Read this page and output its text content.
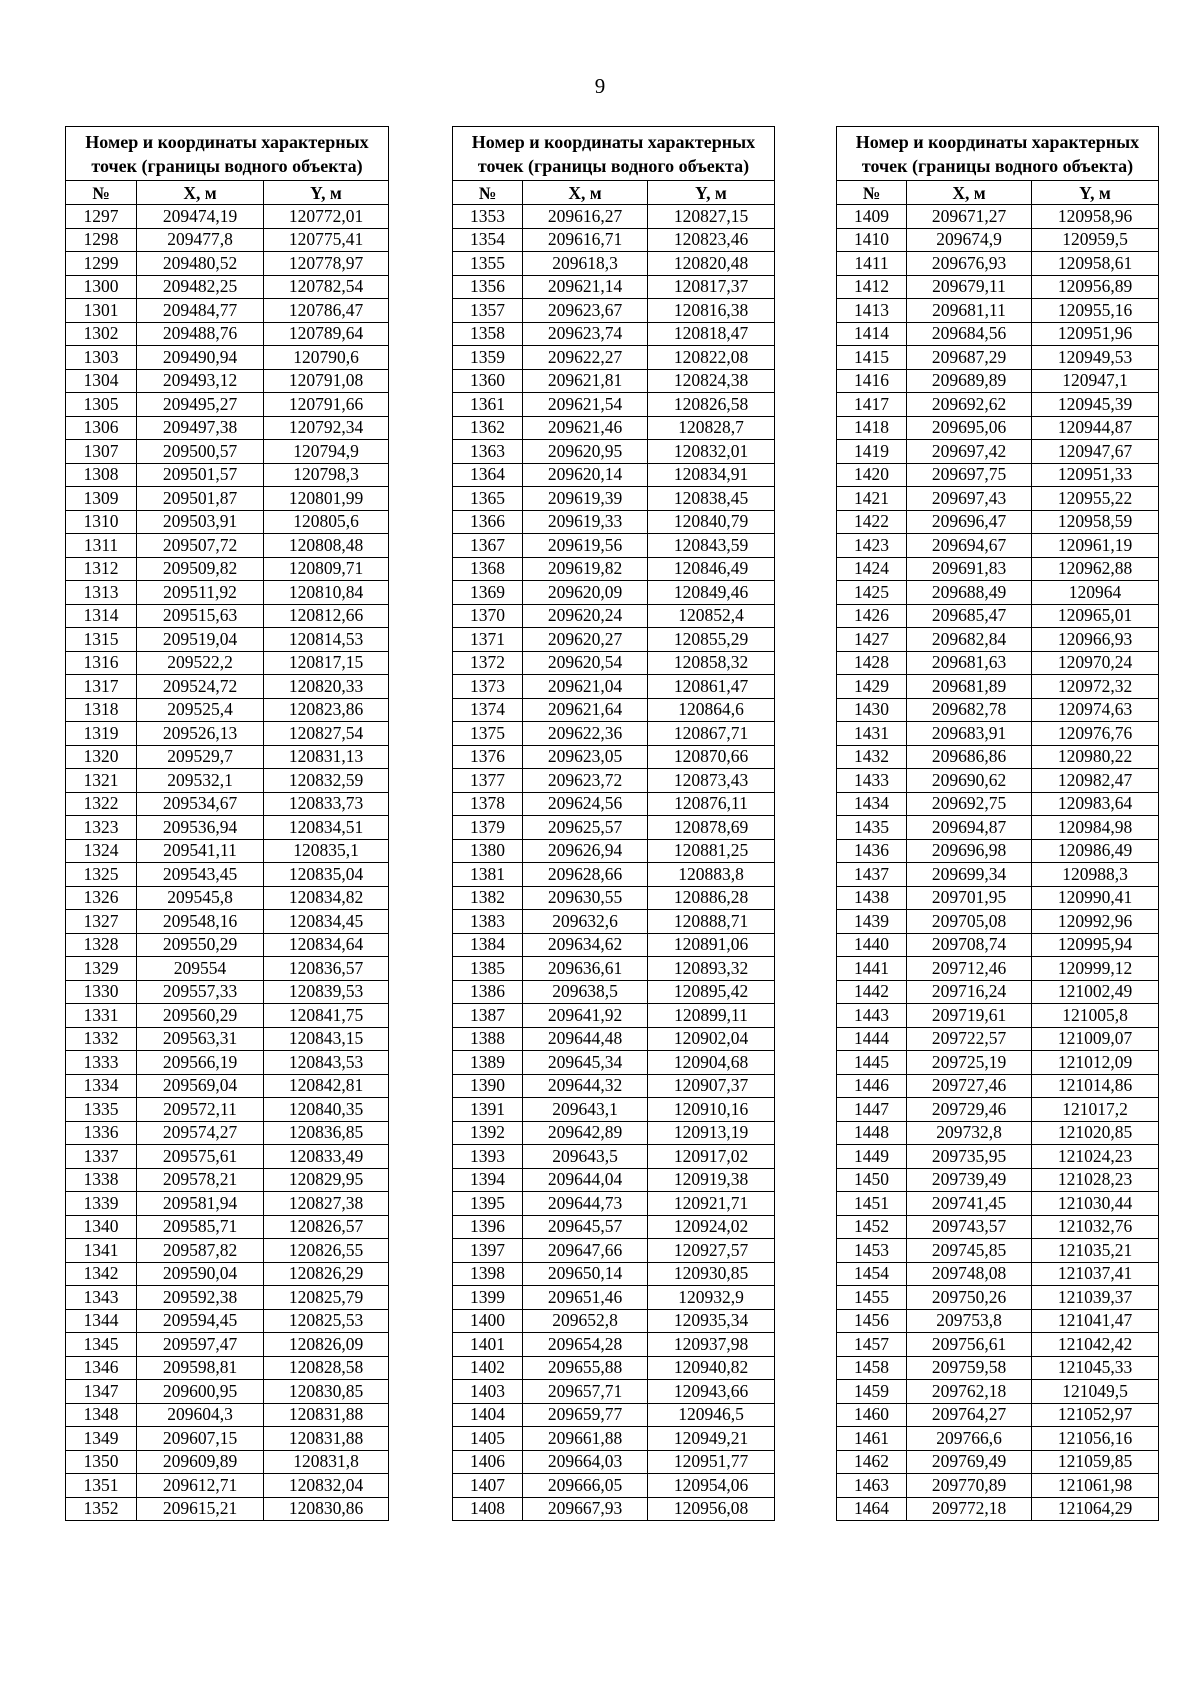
9
Номер и координаты характерных точек (границы водного объекта)		
№	X, м	Y, м
1297	209474,19	120772,01
1298	209477,8	120775,41
1299	209480,52	120778,97
1300	209482,25	120782,54
1301	209484,77	120786,47
1302	209488,76	120789,64
1303	209490,94	120790,6
1304	209493,12	120791,08
1305	209495,27	120791,66
1306	209497,38	120792,34
1307	209500,57	120794,9
1308	209501,57	120798,3
1309	209501,87	120801,99
1310	209503,91	120805,6
1311	209507,72	120808,48
1312	209509,82	120809,71
1313	209511,92	120810,84
1314	209515,63	120812,66
1315	209519,04	120814,53
1316	209522,2	120817,15
1317	209524,72	120820,33
1318	209525,4	120823,86
1319	209526,13	120827,54
1320	209529,7	120831,13
1321	209532,1	120832,59
1322	209534,67	120833,73
1323	209536,94	120834,51
1324	209541,11	120835,1
1325	209543,45	120835,04
1326	209545,8	120834,82
1327	209548,16	120834,45
1328	209550,29	120834,64
1329	209554	120836,57
1330	209557,33	120839,53
1331	209560,29	120841,75
1332	209563,31	120843,15
1333	209566,19	120843,53
1334	209569,04	120842,81
1335	209572,11	120840,35
1336	209574,27	120836,85
1337	209575,61	120833,49
1338	209578,21	120829,95
1339	209581,94	120827,38
1340	209585,71	120826,57
1341	209587,82	120826,55
1342	209590,04	120826,29
1343	209592,38	120825,79
1344	209594,45	120825,53
1345	209597,47	120826,09
1346	209598,81	120828,58
1347	209600,95	120830,85
1348	209604,3	120831,88
1349	209607,15	120831,88
1350	209609,89	120831,8
1351	209612,71	120832,04
1352	209615,21	120830,86
Номер и координаты характерных точек (границы водного объекта)		
№	X, м	Y, м
1353	209616,27	120827,15
1354	209616,71	120823,46
1355	209618,3	120820,48
1356	209621,14	120817,37
1357	209623,67	120816,38
1358	209623,74	120818,47
1359	209622,27	120822,08
1360	209621,81	120824,38
1361	209621,54	120826,58
1362	209621,46	120828,7
1363	209620,95	120832,01
1364	209620,14	120834,91
1365	209619,39	120838,45
1366	209619,33	120840,79
1367	209619,56	120843,59
1368	209619,82	120846,49
1369	209620,09	120849,46
1370	209620,24	120852,4
1371	209620,27	120855,29
1372	209620,54	120858,32
1373	209621,04	120861,47
1374	209621,64	120864,6
1375	209622,36	120867,71
1376	209623,05	120870,66
1377	209623,72	120873,43
1378	209624,56	120876,11
1379	209625,57	120878,69
1380	209626,94	120881,25
1381	209628,66	120883,8
1382	209630,55	120886,28
1383	209632,6	120888,71
1384	209634,62	120891,06
1385	209636,61	120893,32
1386	209638,5	120895,42
1387	209641,92	120899,11
1388	209644,48	120902,04
1389	209645,34	120904,68
1390	209644,32	120907,37
1391	209643,1	120910,16
1392	209642,89	120913,19
1393	209643,5	120917,02
1394	209644,04	120919,38
1395	209644,73	120921,71
1396	209645,57	120924,02
1397	209647,66	120927,57
1398	209650,14	120930,85
1399	209651,46	120932,9
1400	209652,8	120935,34
1401	209654,28	120937,98
1402	209655,88	120940,82
1403	209657,71	120943,66
1404	209659,77	120946,5
1405	209661,88	120949,21
1406	209664,03	120951,77
1407	209666,05	120954,06
1408	209667,93	120956,08
Номер и координаты характерных точек (границы водного объекта)		
№	X, м	Y, м
1409	209671,27	120958,96
1410	209674,9	120959,5
1411	209676,93	120958,61
1412	209679,11	120956,89
1413	209681,11	120955,16
1414	209684,56	120951,96
1415	209687,29	120949,53
1416	209689,89	120947,1
1417	209692,62	120945,39
1418	209695,06	120944,87
1419	209697,42	120947,67
1420	209697,75	120951,33
1421	209697,43	120955,22
1422	209696,47	120958,59
1423	209694,67	120961,19
1424	209691,83	120962,88
1425	209688,49	120964
1426	209685,47	120965,01
1427	209682,84	120966,93
1428	209681,63	120970,24
1429	209681,89	120972,32
1430	209682,78	120974,63
1431	209683,91	120976,76
1432	209686,86	120980,22
1433	209690,62	120982,47
1434	209692,75	120983,64
1435	209694,87	120984,98
1436	209696,98	120986,49
1437	209699,34	120988,3
1438	209701,95	120990,41
1439	209705,08	120992,96
1440	209708,74	120995,94
1441	209712,46	120999,12
1442	209716,24	121002,49
1443	209719,61	121005,8
1444	209722,57	121009,07
1445	209725,19	121012,09
1446	209727,46	121014,86
1447	209729,46	121017,2
1448	209732,8	121020,85
1449	209735,95	121024,23
1450	209739,49	121028,23
1451	209741,45	121030,44
1452	209743,57	121032,76
1453	209745,85	121035,21
1454	209748,08	121037,41
1455	209750,26	121039,37
1456	209753,8	121041,47
1457	209756,61	121042,42
1458	209759,58	121045,33
1459	209762,18	121049,5
1460	209764,27	121052,97
1461	209766,6	121056,16
1462	209769,49	121059,85
1463	209770,89	121061,98
1464	209772,18	121064,29
